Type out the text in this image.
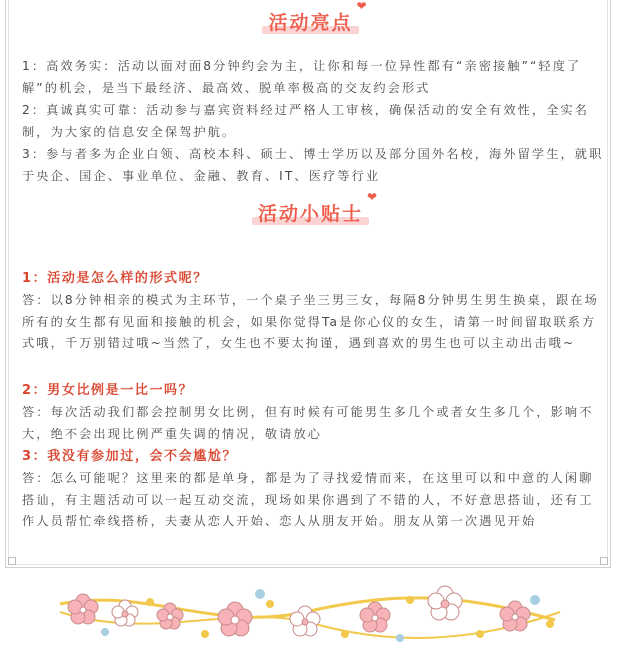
活动亮点
❤

1：高效务实：活动以面对面8分钟约会为主，让你和每一位异性都有“亲密接触”“轻度了解”的机会，是当下最经济、最高效、脱单率极高的交友约会形式

2：真诚真实可靠：活动参与嘉宾资料经过严格人工审核，确保活动的安全有效性，全实名制，为大家的信息安全保驾护航。

3：参与者多为企业白领、高校本科、硕士、博士学历以及部分国外名校，海外留学生，就职于央企、国企、事业单位、金融、教育、IT、医疗等行业

活动小贴士
❤

1：活动是怎么样的形式呢？

答：以8分钟相亲的模式为主环节，一个桌子坐三男三女，每隔8分钟男生男生换桌，跟在场所有的女生都有见面和接触的机会，如果你觉得Ta是你心仪的女生，请第一时间留取联系方式哦，千万别错过哦~当然了，女生也不要太拘谨，遇到喜欢的男生也可以主动出击哦~

2：男女比例是一比一吗？

答：每次活动我们都会控制男女比例，但有时候有可能男生多几个或者女生多几个，影响不大，绝不会出现比例严重失调的情况，敬请放心

3：我没有参加过，会不会尴尬？

答：怎么可能呢？这里来的都是单身，都是为了寻找爱情而来，在这里可以和中意的人闲聊搭讪，有主题活动可以一起互动交流，现场如果你遇到了不错的人，不好意思搭讪，还有工作人员帮忙牵线搭桥，夫妻从恋人开始、恋人从朋友开始。朋友从第一次遇见开始
